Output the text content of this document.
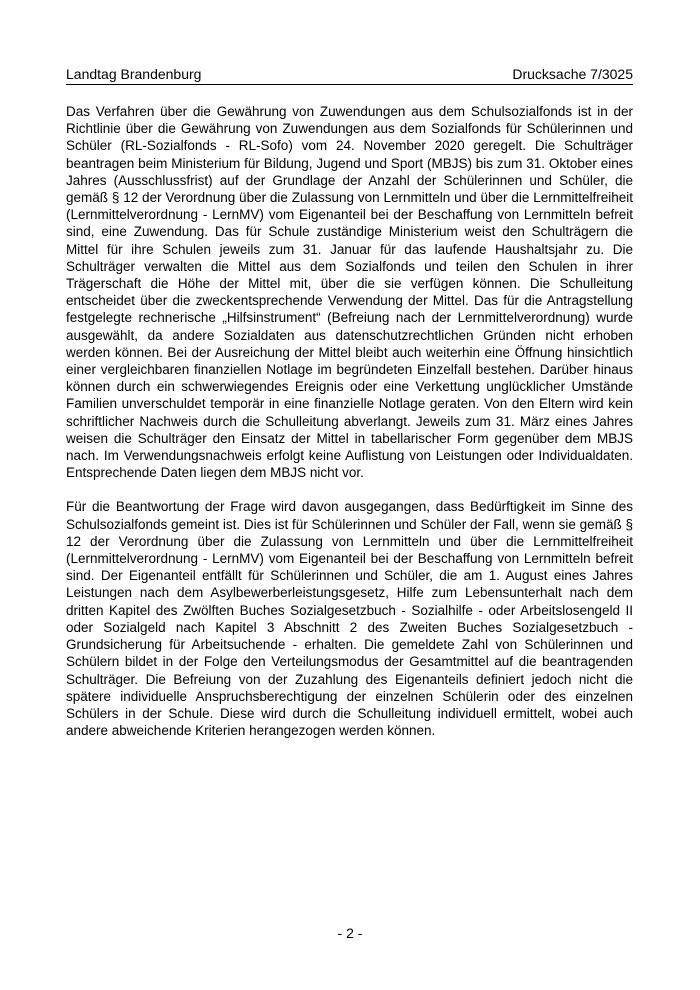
Landtag Brandenburg	Drucksache 7/3025

Das Verfahren über die Gewährung von Zuwendungen aus dem Schulsozialfonds ist in der Richtlinie über die Gewährung von Zuwendungen aus dem Sozialfonds für Schülerinnen und Schüler (RL-Sozialfonds - RL-Sofo) vom 24. November 2020 geregelt. Die Schulträger beantragen beim Ministerium für Bildung, Jugend und Sport (MBJS) bis zum 31. Oktober eines Jahres (Ausschlussfrist) auf der Grundlage der Anzahl der Schülerinnen und Schüler, die gemäß § 12 der Verordnung über die Zulassung von Lernmitteln und über die Lernmittelfreiheit (Lernmittelverordnung - LernMV) vom Eigenanteil bei der Beschaffung von Lernmitteln befreit sind, eine Zuwendung. Das für Schule zuständige Ministerium weist den Schulträgern die Mittel für ihre Schulen jeweils zum 31. Januar für das laufende Haushaltsjahr zu. Die Schulträger verwalten die Mittel aus dem Sozialfonds und teilen den Schulen in ihrer Trägerschaft die Höhe der Mittel mit, über die sie verfügen können. Die Schulleitung entscheidet über die zweckentsprechende Verwendung der Mittel. Das für die Antragstellung festgelegte rechnerische „Hilfsinstrument“ (Befreiung nach der Lernmittelverordnung) wurde ausgewählt, da andere Sozialdaten aus datenschutzrechtlichen Gründen nicht erhoben werden können. Bei der Ausreichung der Mittel bleibt auch weiterhin eine Öffnung hinsichtlich einer vergleichbaren finanziellen Notlage im begründeten Einzelfall bestehen. Darüber hinaus können durch ein schwerwiegendes Ereignis oder eine Verkettung unglücklicher Umstände Familien unverschuldet temporär in eine finanzielle Notlage geraten. Von den Eltern wird kein schriftlicher Nachweis durch die Schulleitung abverlangt. Jeweils zum 31. März eines Jahres weisen die Schulträger den Einsatz der Mittel in tabellarischer Form gegenüber dem MBJS nach. Im Verwendungsnachweis erfolgt keine Auflistung von Leistungen oder Individualdaten. Entsprechende Daten liegen dem MBJS nicht vor.

Für die Beantwortung der Frage wird davon ausgegangen, dass Bedürftigkeit im Sinne des Schulsozialfonds gemeint ist. Dies ist für Schülerinnen und Schüler der Fall, wenn sie gemäß § 12 der Verordnung über die Zulassung von Lernmitteln und über die Lernmittelfreiheit (Lernmittelverordnung - LernMV) vom Eigenanteil bei der Beschaffung von Lernmitteln befreit sind. Der Eigenanteil entfällt für Schülerinnen und Schüler, die am 1. August eines Jahres Leistungen nach dem Asylbewerberleistungsgesetz, Hilfe zum Lebensunterhalt nach dem dritten Kapitel des Zwölften Buches Sozialgesetzbuch - Sozialhilfe - oder Arbeitslosengeld II oder Sozialgeld nach Kapitel 3 Abschnitt 2 des Zweiten Buches Sozialgesetzbuch - Grundsicherung für Arbeitsuchende - erhalten. Die gemeldete Zahl von Schülerinnen und Schülern bildet in der Folge den Verteilungsmodus der Gesamtmittel auf die beantragenden Schulträger. Die Befreiung von der Zuzahlung des Eigenanteils definiert jedoch nicht die spätere individuelle Anspruchsberechtigung der einzelnen Schülerin oder des einzelnen Schülers in der Schule. Diese wird durch die Schulleitung individuell ermittelt, wobei auch andere abweichende Kriterien herangezogen werden können.

- 2 -
